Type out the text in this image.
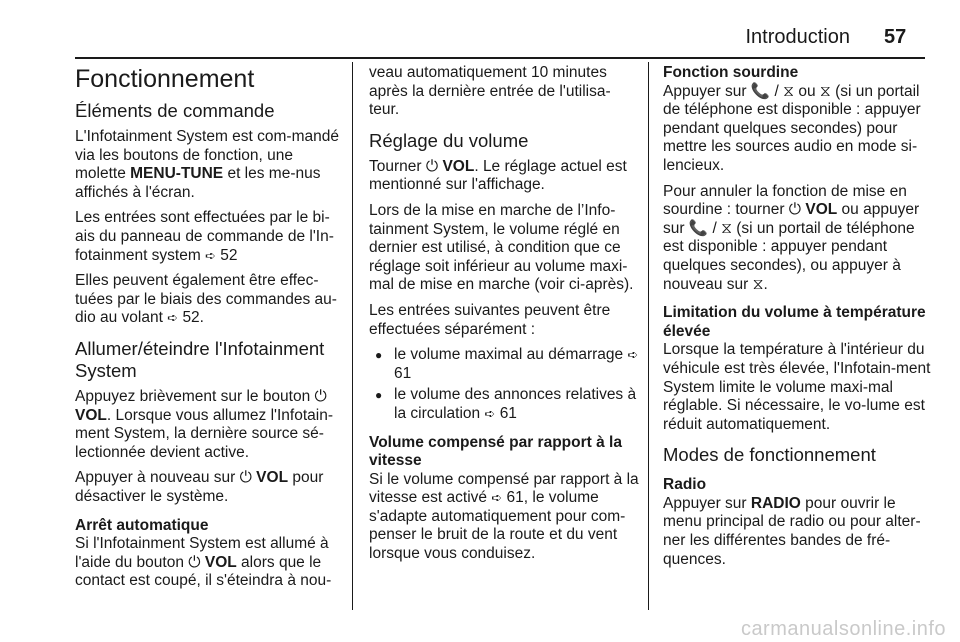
Introduction 57
Fonctionnement
Éléments de commande

L'Infotainment System est com-mandé via les boutons de fonction, une molette MENU-TUNE et les me-nus affichés à l'écran.

Les entrées sont effectuées par le bi-ais du panneau de commande de l'In-fotainment system ➪ 52

Elles peuvent également être effec-tuées par le biais des commandes au-dio au volant ➪ 52.

Allumer/éteindre l'Infotainment System

Appuyez brièvement sur le bouton ⏻
VOL. Lorsque vous allumez l'Infotain-ment System, la dernière source sé-lectionnée devient active.

Appuyer à nouveau sur ⏻ VOL pour désactiver le système.

Arrêt automatique

Si l'Infotainment System est allumé à l'aide du bouton ⏻ VOL alors que le contact est coupé, il s'éteindra à nou-

veau automatiquement 10 minutes après la dernière entrée de l'utilisa-teur.

Réglage du volume

Tourner ⏻ VOL. Le réglage actuel est mentionné sur l'affichage.

Lors de la mise en marche de l’Info-tainment System, le volume réglé en dernier est utilisé, à condition que ce réglage soit inférieur au volume maxi-mal de mise en marche (voir ci-après).

Les entrées suivantes peuvent être effectuées séparément :

● le volume maximal au démarrage ➪ 61
● le volume des annonces relatives à la circulation ➪ 61
Volume compensé par rapport à la vitesse

Si le volume compensé par rapport à la vitesse est activé ➪ 61, le volume s'adapte automatiquement pour com-penser le bruit de la route et du vent lorsque vous conduisez.

Fonction sourdine

Appuyer sur 📞 / ⧖ ou ⧖ (si un portail de téléphone est disponible : appuyer pendant quelques secondes) pour mettre les sources audio en mode si-lencieux.

Pour annuler la fonction de mise en sourdine : tourner ⏻ VOL ou appuyer sur 📞 / ⧖ (si un portail de téléphone est disponible : appuyer pendant quelques secondes), ou appuyer à nouveau sur ⧖.

Limitation du volume à température élevée

Lorsque la température à l'intérieur du véhicule est très élevée, l'Infotain-ment System limite le volume maxi-mal réglable. Si nécessaire, le vo-lume est réduit automatiquement.

Modes de fonctionnement
Radio

Appuyer sur RADIO pour ouvrir le menu principal de radio ou pour alter-ner les différentes bandes de fré-quences.

carmanualsonline.info
